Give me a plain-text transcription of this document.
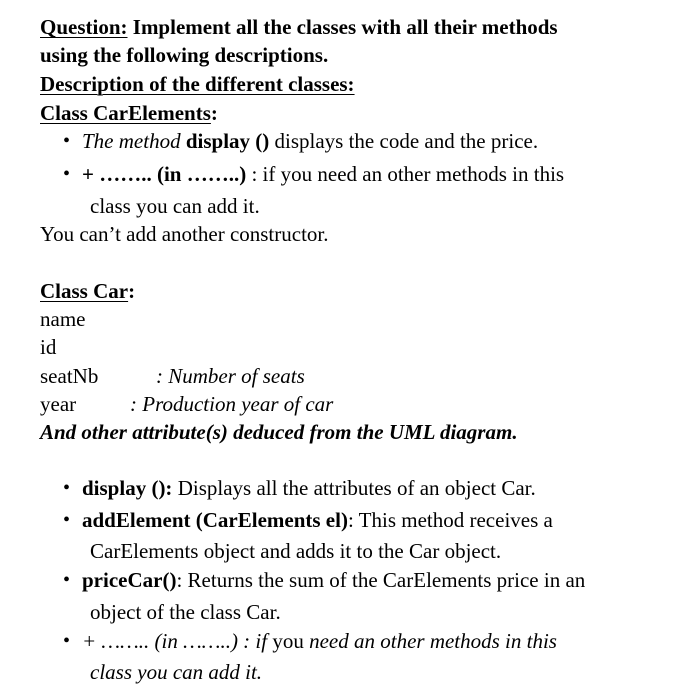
Question: Implement all the classes with all their methods
using the following descriptions.
Description of the different classes:
Class CarElements:
• The method display () displays the code and the price.
• + …….. (in ……..) : if you need an other methods in this
class you can add it.
You can’t add another constructor.
Class Car:
name
id
seatNb	: Number of seats
year	: Production year of car
And other attribute(s) deduced from the UML diagram.
• display (): Displays all the attributes of an object Car.
• addElement (CarElements el): This method receives a
CarElements object and adds it to the Car object.
• priceCar(): Returns the sum of the CarElements price in an
object of the class Car.
• + …….. (in ……..) : if you need an other methods in this
class you can add it.
